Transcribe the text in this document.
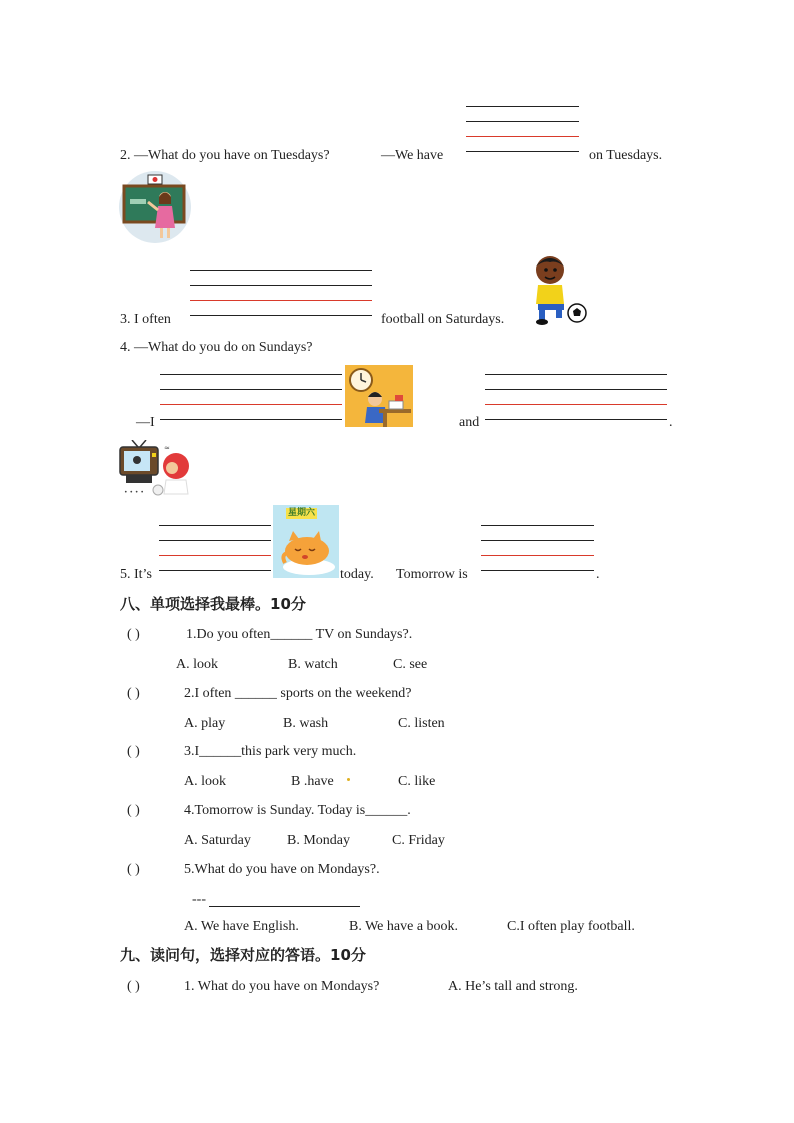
2. —What do you have on Tuesdays?	—We have	on Tuesdays.
3. I often	football on Saturdays.
4. —What do you do on Sundays?
—I	and	.
• • • •
≈
5. It’s	today. Tomorrow is	.
星期六
八、单项选择我最棒。10分
( )	1.Do you often______ TV on Sundays?.
A. look	B. watch	C. see
( )	2.I often ______ sports on the weekend?
A. play	B. wash	C. listen
( )	3.I______this park very much.
A. look	B .have	C. like
( )	4.Tomorrow is Sunday. Today is______.
A. Saturday	B. Monday	C. Friday
( )	5.What do you have on Mondays?.
---
A. We have English.	B. We have a book.	C.I often play football.
九、读问句，选择对应的答语。10分
( )	1. What do you have on Mondays?	A. He’s tall and strong.
